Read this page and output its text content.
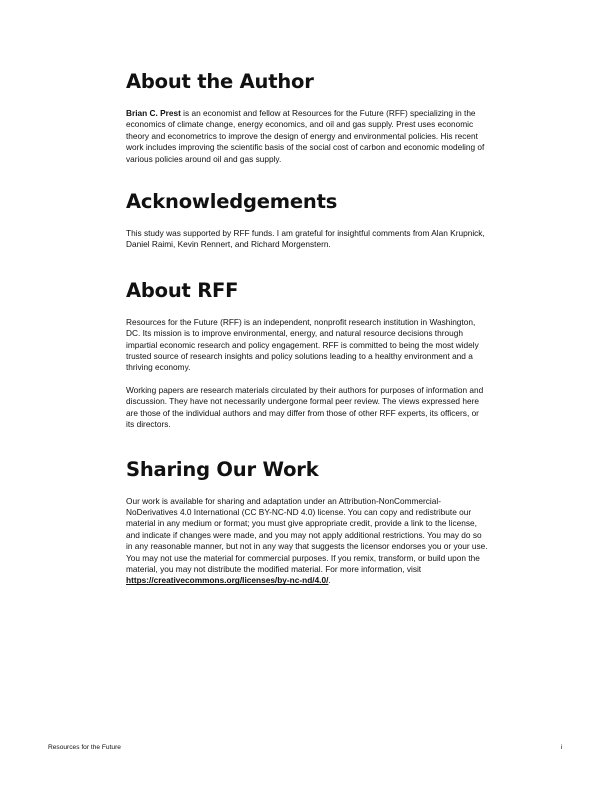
About the Author

Brian C. Prest is an economist and fellow at Resources for the Future (RFF) specializing in the economics of climate change, energy economics, and oil and gas supply. Prest uses economic theory and econometrics to improve the design of energy and environmental policies. His recent work includes improving the scientific basis of the social cost of carbon and economic modeling of various policies around oil and gas supply.

Acknowledgements

This study was supported by RFF funds. I am grateful for insightful comments from Alan Krupnick, Daniel Raimi, Kevin Rennert, and Richard Morgenstern.

About RFF

Resources for the Future (RFF) is an independent, nonprofit research institution in Washington, DC. Its mission is to improve environmental, energy, and natural resource decisions through impartial economic research and policy engagement. RFF is committed to being the most widely trusted source of research insights and policy solutions leading to a healthy environment and a thriving economy.

Working papers are research materials circulated by their authors for purposes of information and discussion. They have not necessarily undergone formal peer review. The views expressed here are those of the individual authors and may differ from those of other RFF experts, its officers, or its directors.

Sharing Our Work

Our work is available for sharing and adaptation under an Attribution-NonCommercial-NoDerivatives 4.0 International (CC BY-NC-ND 4.0) license. You can copy and redistribute our material in any medium or format; you must give appropriate credit, provide a link to the license, and indicate if changes were made, and you may not apply additional restrictions. You may do so in any reasonable manner, but not in any way that suggests the licensor endorses you or your use. You may not use the material for commercial purposes. If you remix, transform, or build upon the material, you may not distribute the modified material. For more information, visit https://creativecommons.org/licenses/by-nc-nd/4.0/.

Resources for the Future	i
